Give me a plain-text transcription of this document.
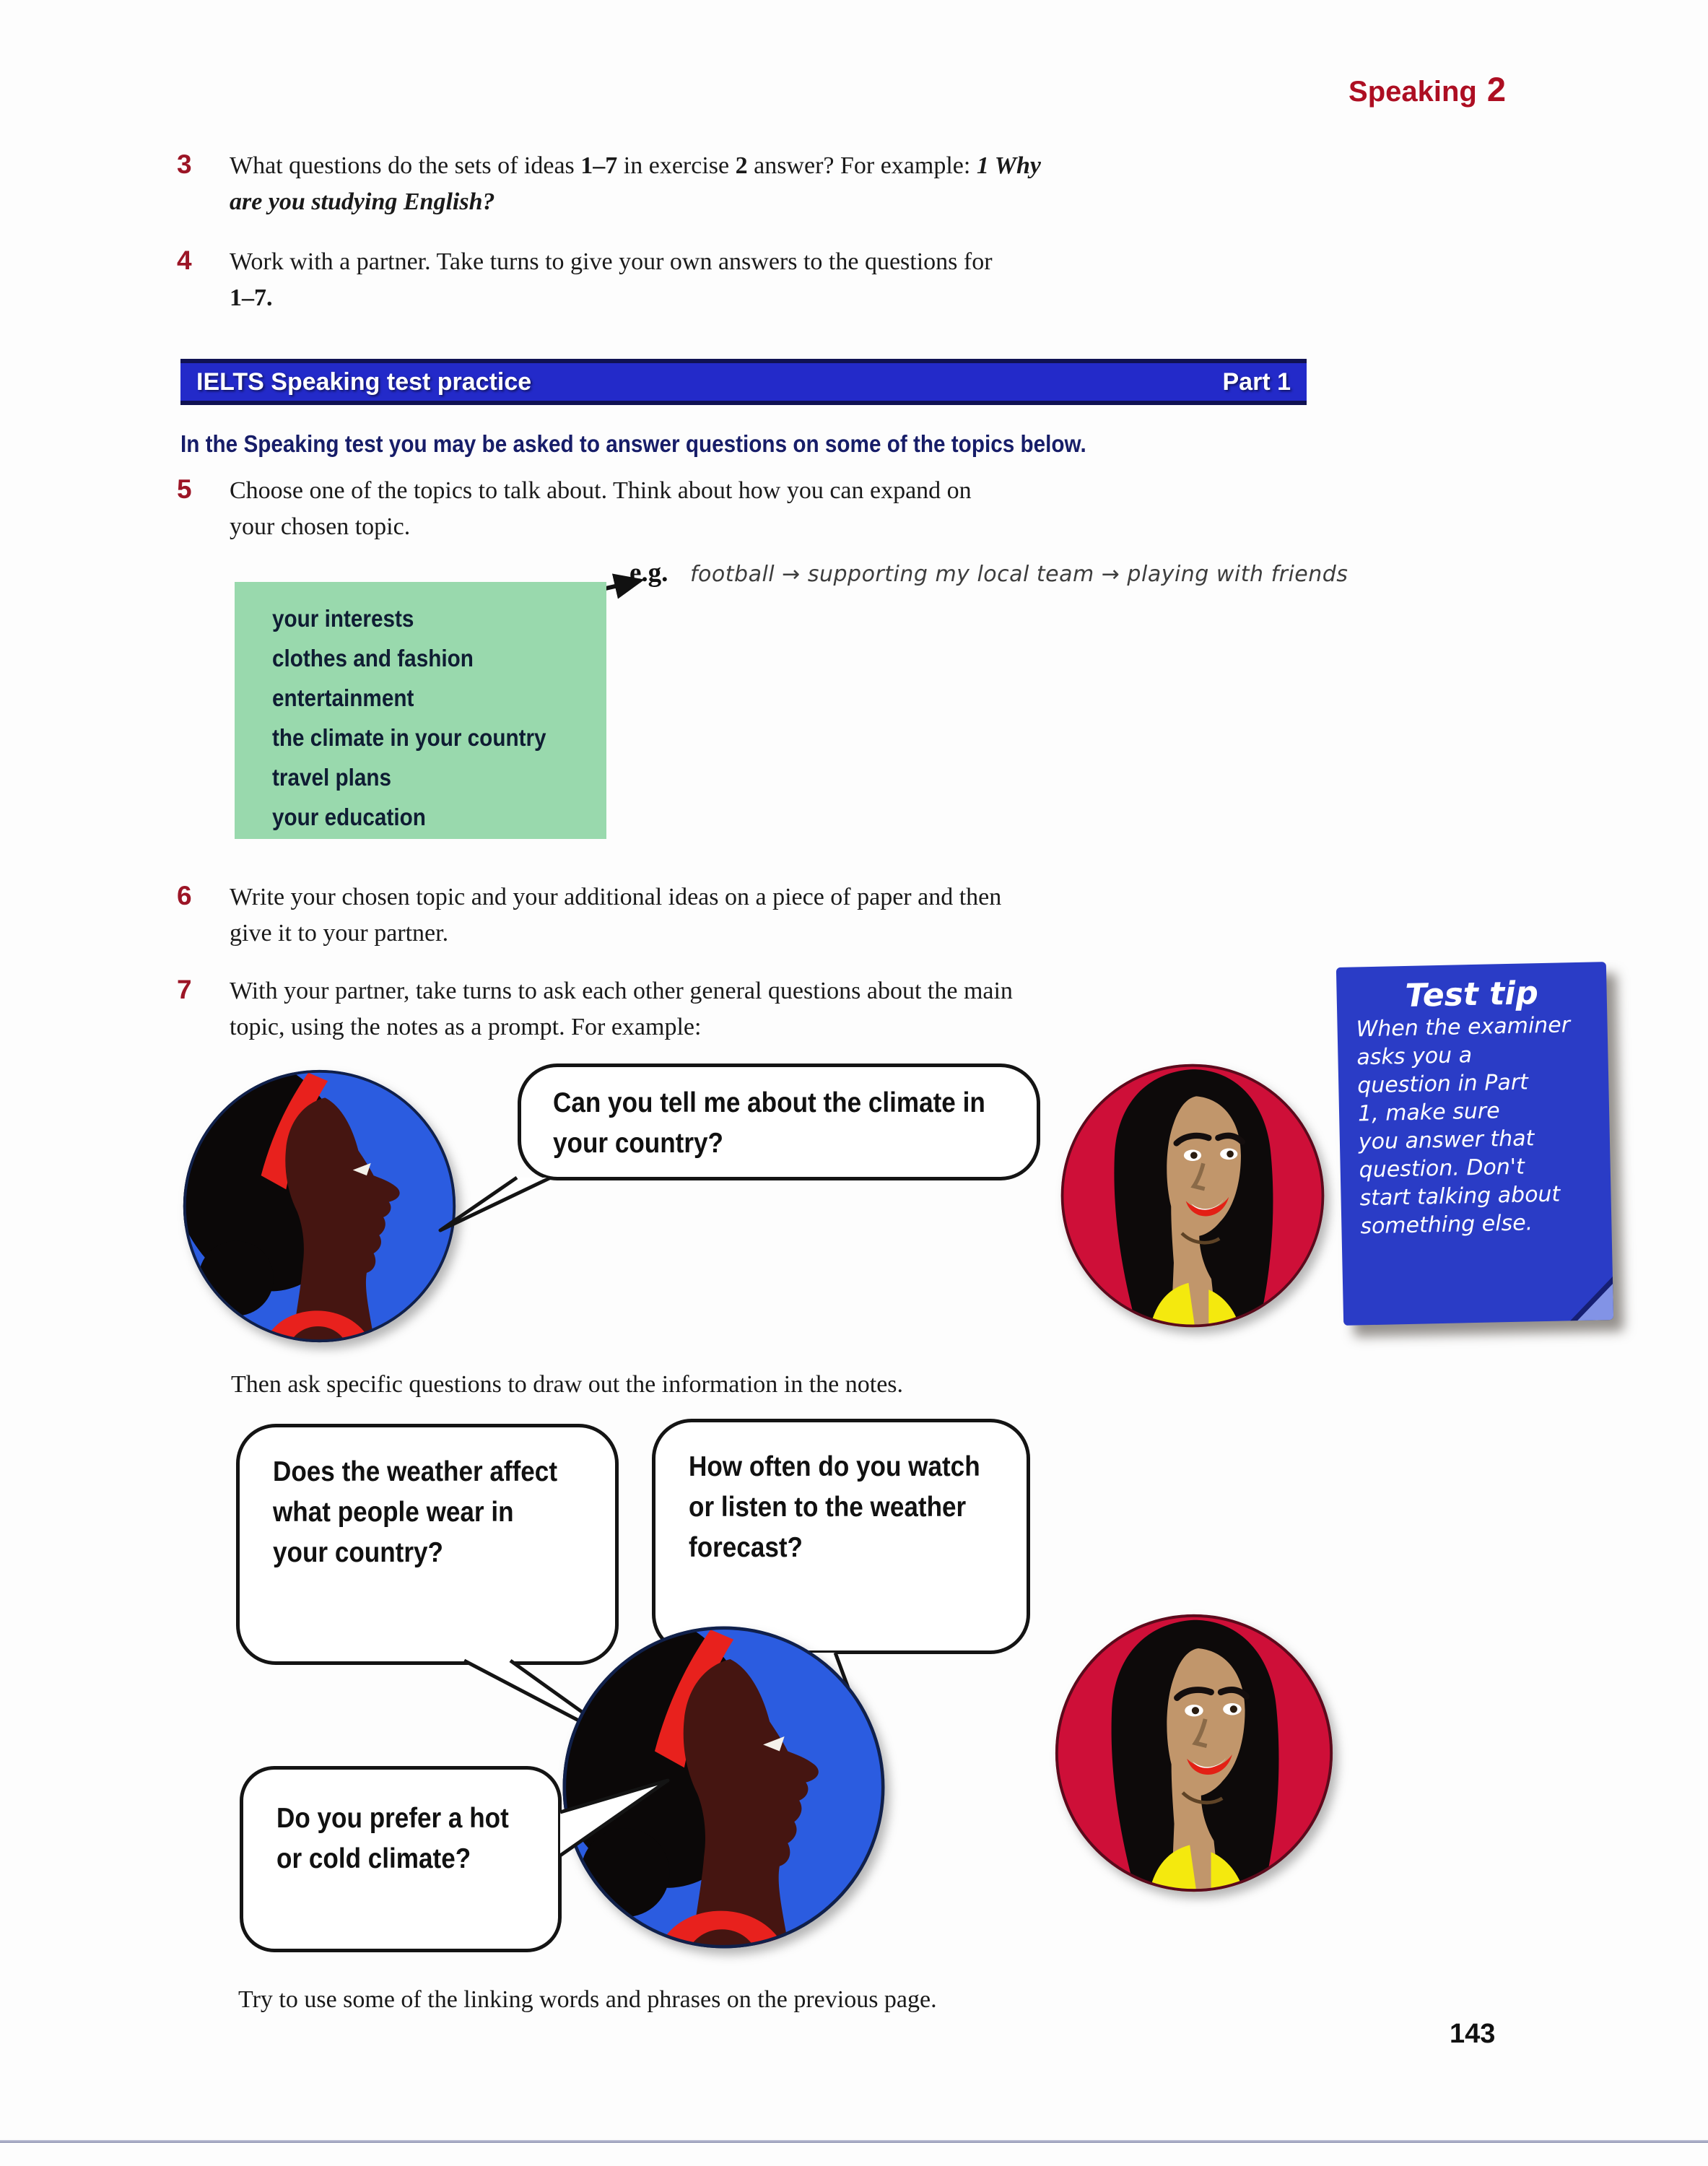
Speaking 2
3 What questions do the sets of ideas 1–7 in exercise 2 answer? For example: 1 Why
are you studying English?
4 Work with a partner. Take turns to give your own answers to the questions for
1–7.
IELTS Speaking test practice	Part 1
In the Speaking test you may be asked to answer questions on some of the topics below.
5 Choose one of the topics to talk about. Think about how you can expand on
your chosen topic.
e.g. football → supporting my local team → playing with friends
your interests
clothes and fashion
entertainment
the climate in your country
travel plans
your education
6 Write your chosen topic and your additional ideas on a piece of paper and then
give it to your partner.
7 With your partner, take turns to ask each other general questions about the main
topic, using the notes as a prompt. For example:
Test tip
When the examiner
asks you a
question in Part
1, make sure
you answer that
question. Don't
start talking about
something else.
Can you tell me about the climate in
your country?
Then ask specific questions to draw out the information in the notes.
Does the weather affect
what people wear in
your country?
How often do you watch
or listen to the weather
forecast?
Do you prefer a hot
or cold climate?
Try to use some of the linking words and phrases on the previous page.
143
